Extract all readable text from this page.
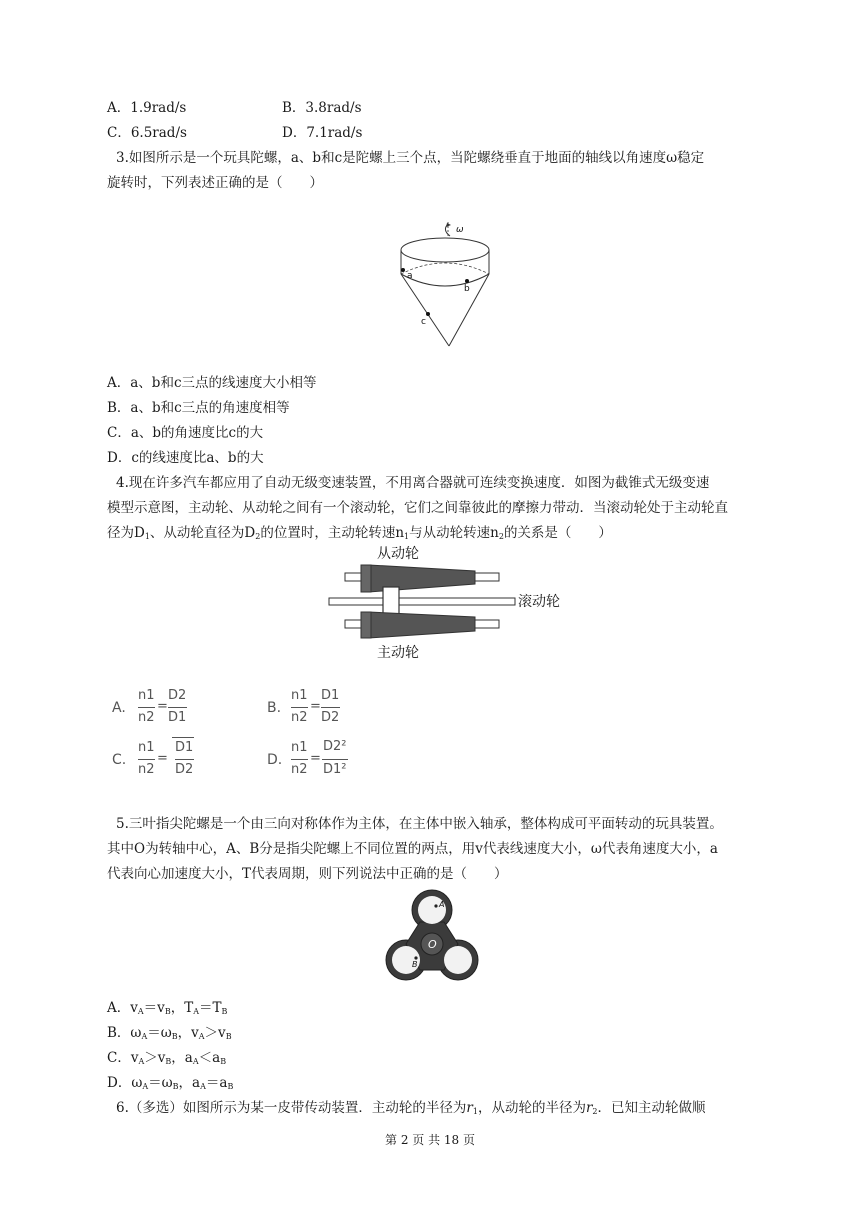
A．1.9rad/s	B．3.8rad/s
C．6.5rad/s	D．7.1rad/s
3.如图所示是一个玩具陀螺，a、b和c是陀螺上三个点，当陀螺绕垂直于地面的轴线以角速度ω稳定
旋转时，下列表述正确的是（　　）
ω
a
b
c
A．a、b和c三点的线速度大小相等
B．a、b和c三点的角速度相等
C．a、b的角速度比c的大
D．c的线速度比a、b的大
4.现在许多汽车都应用了自动无级变速装置，不用离合器就可连续变换速度．如图为截锥式无级变速
模型示意图，主动轮、从动轮之间有一个滚动轮，它们之间靠彼此的摩擦力带动．当滚动轮处于主动轮直
径为$D_1$、从动轮直径为$D_2$的位置时，主动轮转速$n_1$与从动轮转速$n_2$的关系是（　　）
从动轮
滚动轮
主动轮
A.
n1
n2
=
D2
D1
B.
n1
n2
=
D1
D2
C.
n1
n2
=
D1
D2
D.
n1
n2
=
D2²
D1²
5.三叶指尖陀螺是一个由三向对称体作为主体，在主体中嵌入轴承，整体构成可平面转动的玩具装置。
其中O为转轴中心，A、B分是指尖陀螺上不同位置的两点，用v代表线速度大小，ω代表角速度大小，a
代表向心加速度大小，T代表周期，则下列说法中正确的是（　　）
A
O
B
A．$v_A=v_B$，$T_A=T_B$
B．$\omega_A=\omega_B$，$v_A>v_B$
C．$v_A>v_B$，$a_A<a_B$
D．$\omega_A=\omega_B$，$a_A=a_B$
6.（多选）如图所示为某一皮带传动装置．主动轮的半径为$r_1$，从动轮的半径为$r_2$．已知主动轮做顺
第 2 页 共 18 页
